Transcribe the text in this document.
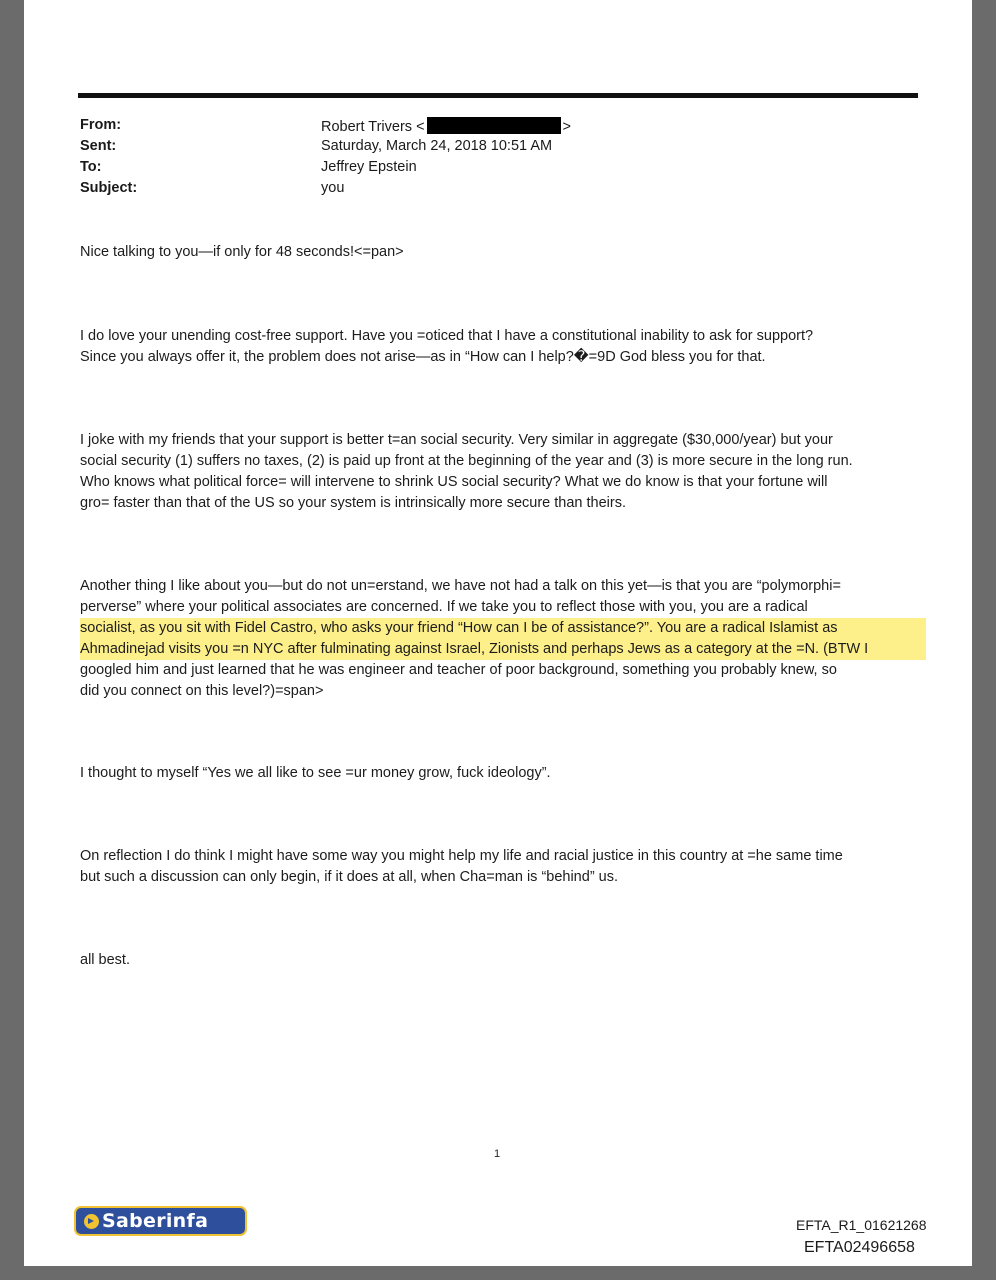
From:	Robert Trivers <	>
Sent:	Saturday, March 24, 2018 10:51 AM
To:	Jeffrey Epstein
Subject:	you
Nice talking to you—if only for 48 seconds!<=pan>
I do love your unending cost-free support. Have you =oticed that I have a constitutional inability to ask for support?
Since you always offer it, the problem does not arise—as in “How can I help?�=9D God bless you for that.
I joke with my friends that your support is better t=an social security. Very similar in aggregate ($30,000/year) but your
social security (1) suffers no taxes, (2) is paid up front at the beginning of the year and (3) is more secure in the long run.
Who knows what political force= will intervene to shrink US social security? What we do know is that your fortune will
gro= faster than that of the US so your system is intrinsically more secure than theirs.
Another thing I like about you—but do not un=erstand, we have not had a talk on this yet—is that you are “polymorphi=
perverse” where your political associates are concerned. If we take you to reflect those with you, you are a radical
socialist, as you sit with Fidel Castro, who asks your friend “How can I be of assistance?”. You are a radical Islamist as
Ahmadinejad visits you =n NYC after fulminating against Israel, Zionists and perhaps Jews as a category at the =N. (BTW I
googled him and just learned that he was engineer and teacher of poor background, something you probably knew, so
did you connect on this level?)=span>
I thought to myself “Yes we all like to see =ur money grow, fuck ideology”.
On reflection I do think I might have some way you might help my life and racial justice in this country at =he same time
but such a discussion can only begin, if it does at all, when Cha=man is “behind” us.
all best.
1
EFTA_R1_01621268
EFTA02496658
Saberinfa
